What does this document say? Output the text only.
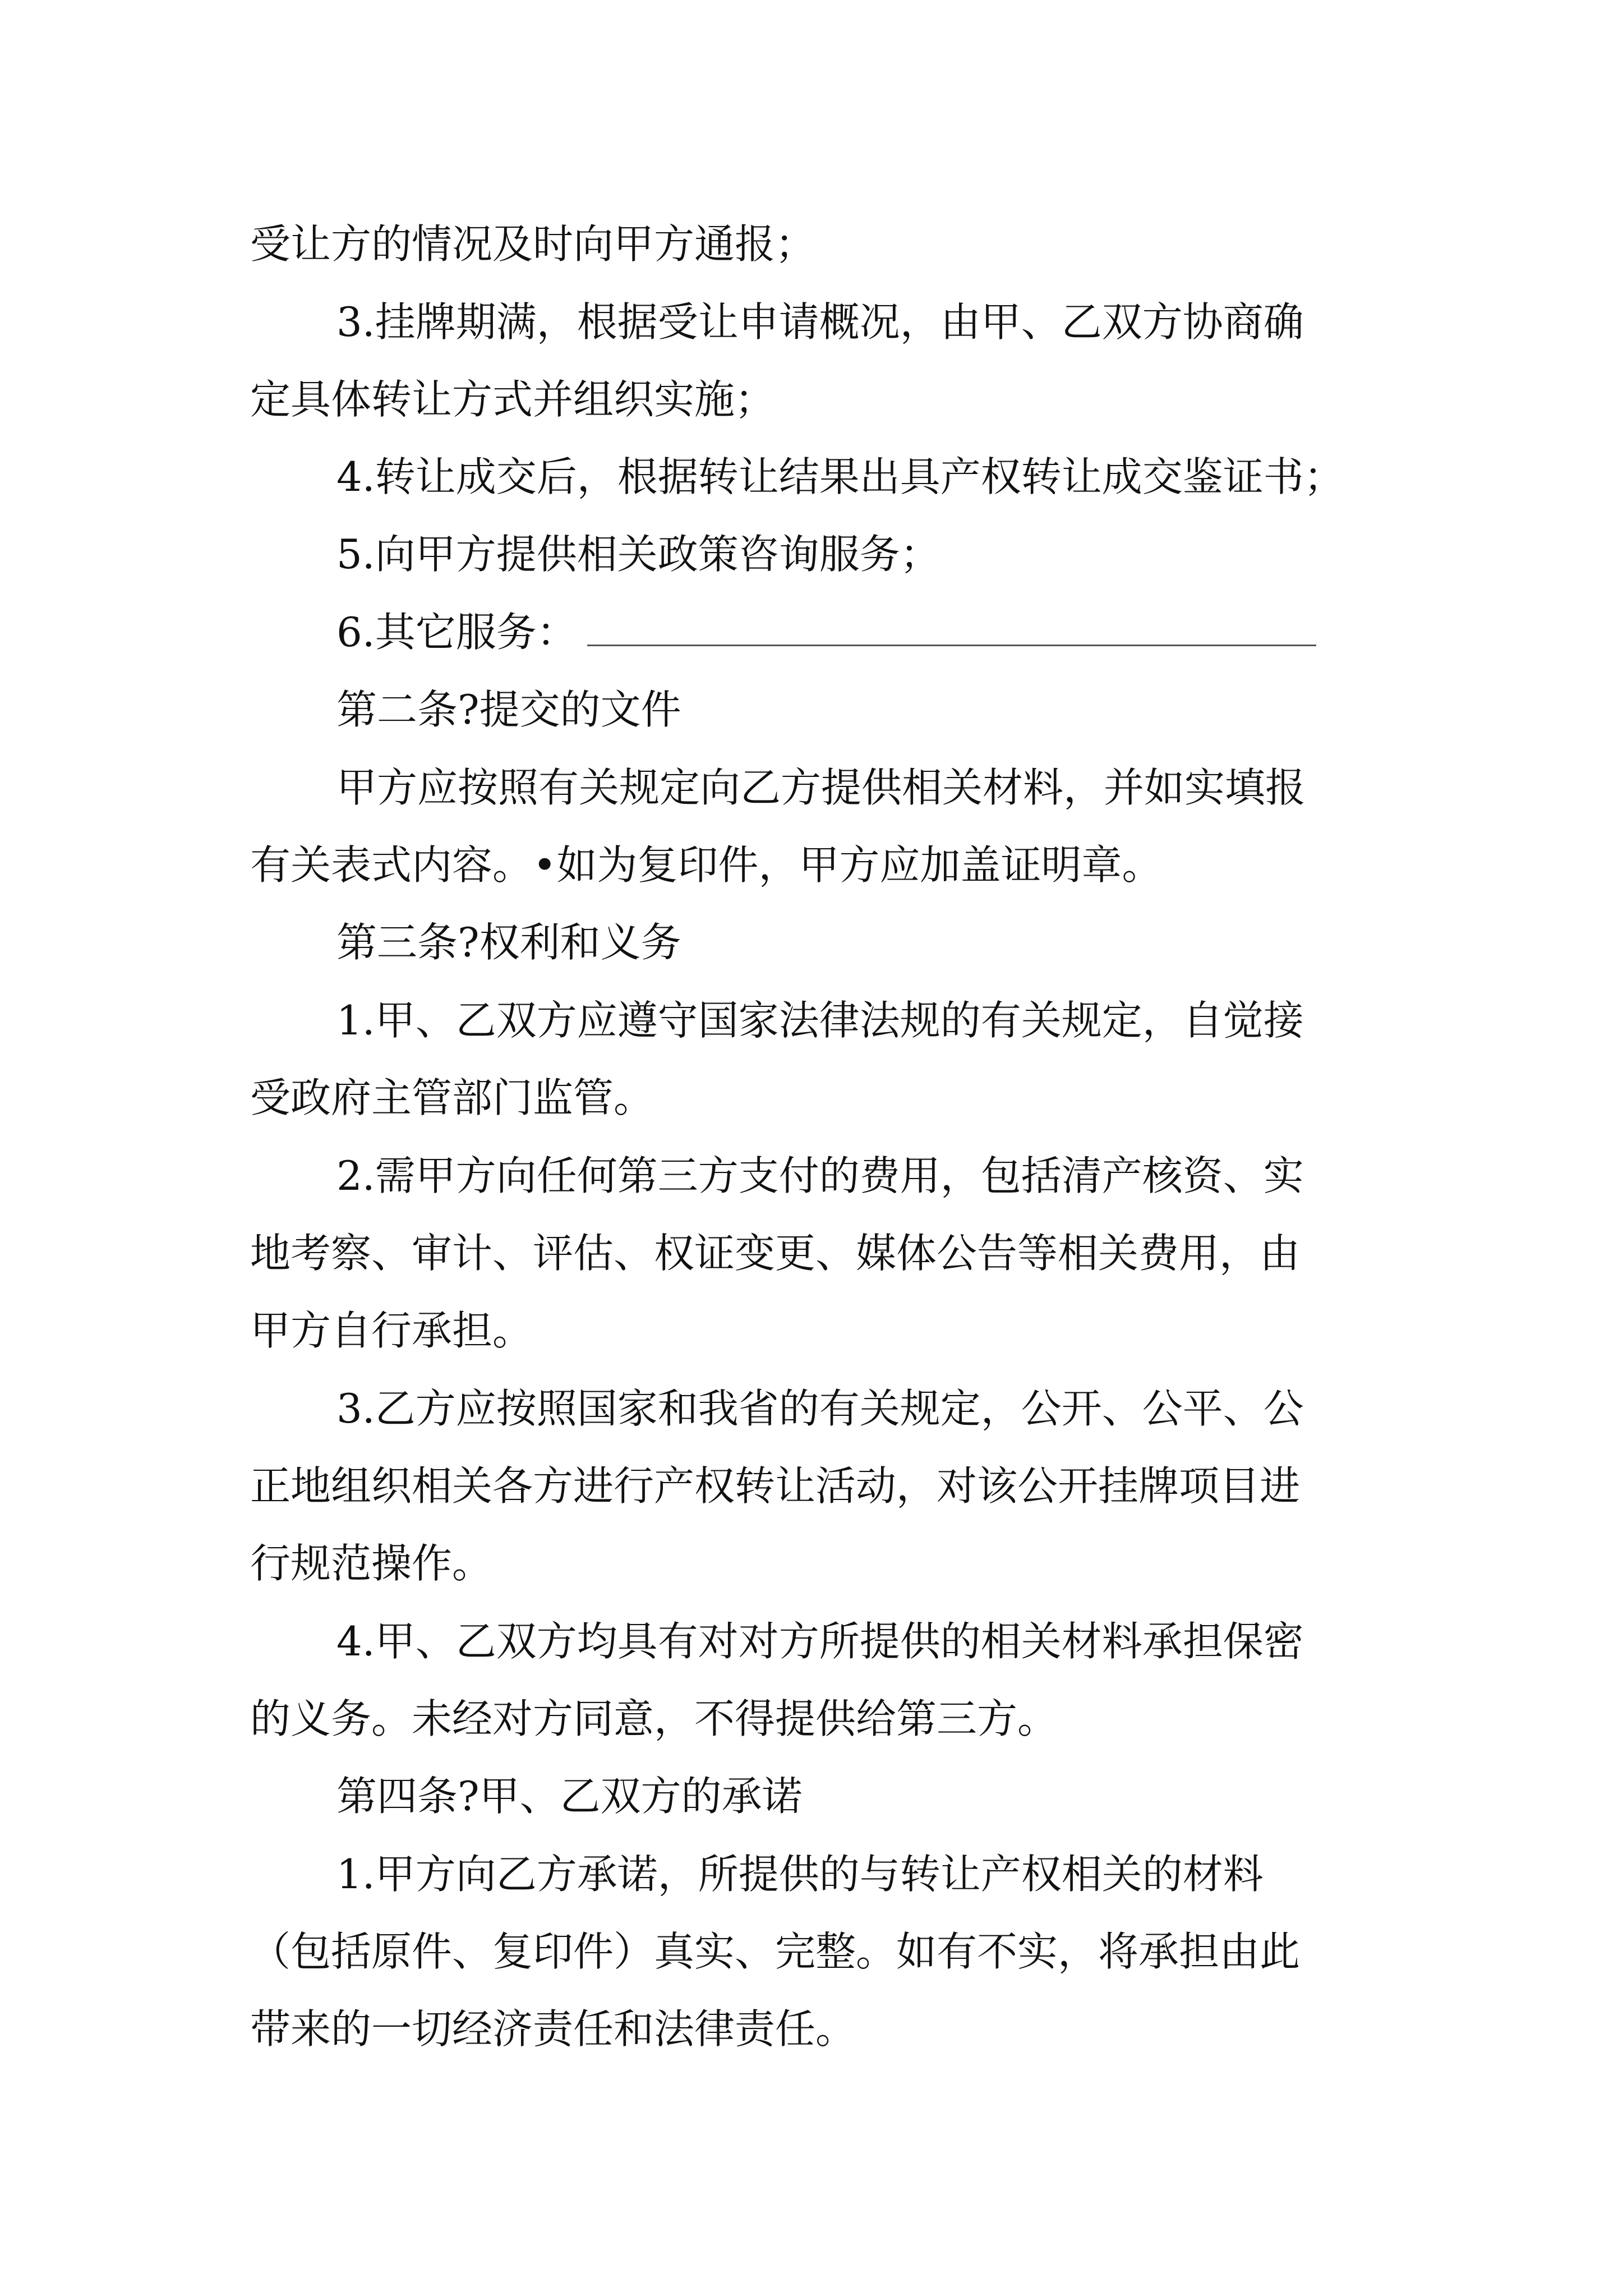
受让方的情况及时向甲方通报；
3.挂牌期满，根据受让申请概况，由甲、乙双方协商确
定具体转让方式并组织实施；
4.转让成交后，根据转让结果出具产权转让成交鉴证书；
5.向甲方提供相关政策咨询服务；
6.其它服务：
第二条?提交的文件
甲方应按照有关规定向乙方提供相关材料，并如实填报
有关表式内容。•如为复印件，甲方应加盖证明章。
第三条?权利和义务
1.甲、乙双方应遵守国家法律法规的有关规定，自觉接
受政府主管部门监管。
2.需甲方向任何第三方支付的费用，包括清产核资、实
地考察、审计、评估、权证变更、媒体公告等相关费用，由
甲方自行承担。
3.乙方应按照国家和我省的有关规定，公开、公平、公
正地组织相关各方进行产权转让活动，对该公开挂牌项目进
行规范操作。
4.甲、乙双方均具有对对方所提供的相关材料承担保密
的义务。未经对方同意，不得提供给第三方。
第四条?甲、乙双方的承诺
1.甲方向乙方承诺，所提供的与转让产权相关的材料
（包括原件、复印件）真实、完整。如有不实，将承担由此
带来的一切经济责任和法律责任。
